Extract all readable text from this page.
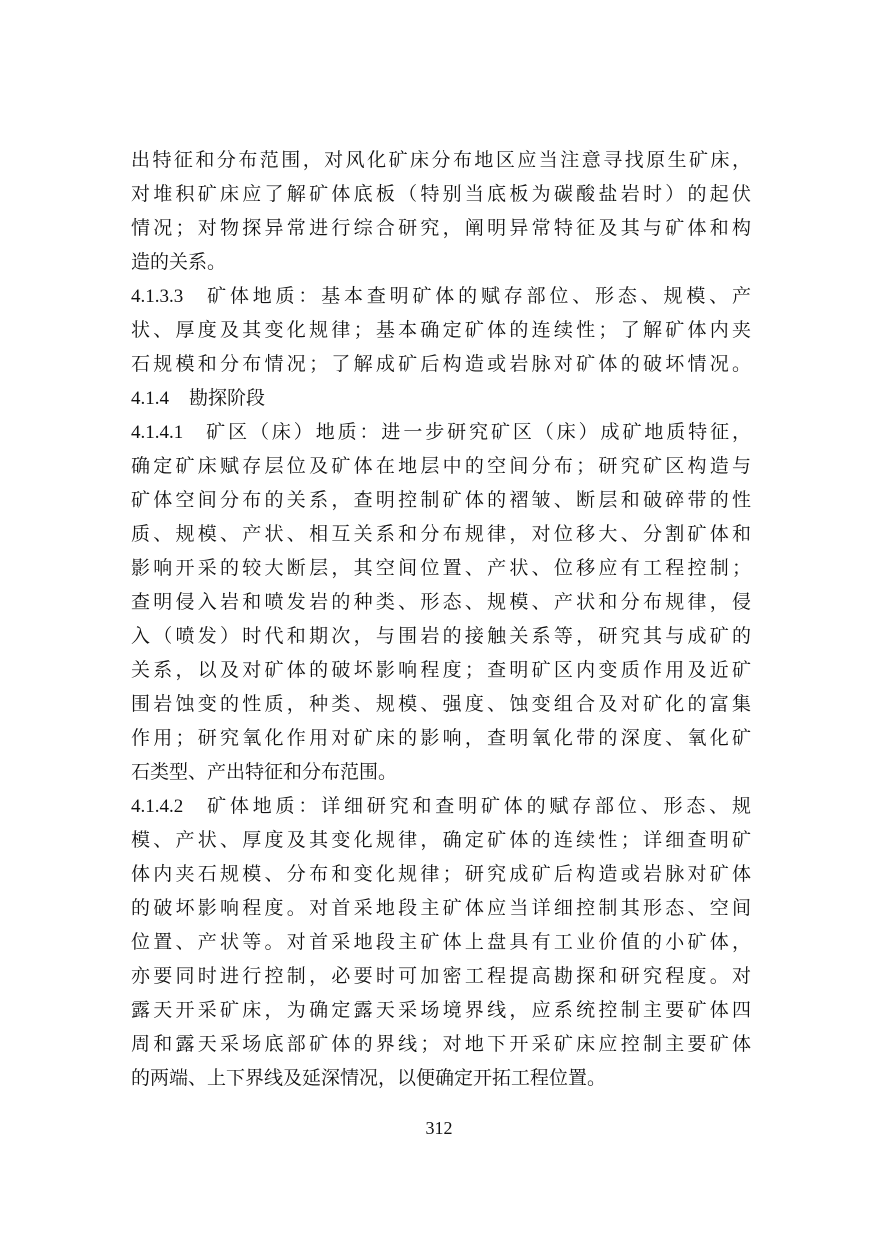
出特征和分布范围，对风化矿床分布地区应当注意寻找原生矿床，
对堆积矿床应了解矿体底板（特别当底板为碳酸盐岩时）的起伏
情况；对物探异常进行综合研究，阐明异常特征及其与矿体和构
造的关系。
4.1.3.3 矿体地质：基本查明矿体的赋存部位、形态、规模、产
状、厚度及其变化规律；基本确定矿体的连续性；了解矿体内夹
石规模和分布情况；了解成矿后构造或岩脉对矿体的破坏情况。
4.1.4 勘探阶段
4.1.4.1 矿区（床）地质：进一步研究矿区（床）成矿地质特征，
确定矿床赋存层位及矿体在地层中的空间分布；研究矿区构造与
矿体空间分布的关系，查明控制矿体的褶皱、断层和破碎带的性
质、规模、产状、相互关系和分布规律，对位移大、分割矿体和
影响开采的较大断层，其空间位置、产状、位移应有工程控制；
查明侵入岩和喷发岩的种类、形态、规模、产状和分布规律，侵
入（喷发）时代和期次，与围岩的接触关系等，研究其与成矿的
关系，以及对矿体的破坏影响程度；查明矿区内变质作用及近矿
围岩蚀变的性质，种类、规模、强度、蚀变组合及对矿化的富集
作用；研究氧化作用对矿床的影响，查明氧化带的深度、氧化矿
石类型、产出特征和分布范围。
4.1.4.2 矿体地质：详细研究和查明矿体的赋存部位、形态、规
模、产状、厚度及其变化规律，确定矿体的连续性；详细查明矿
体内夹石规模、分布和变化规律；研究成矿后构造或岩脉对矿体
的破坏影响程度。对首采地段主矿体应当详细控制其形态、空间
位置、产状等。对首采地段主矿体上盘具有工业价值的小矿体，
亦要同时进行控制，必要时可加密工程提高勘探和研究程度。对
露天开采矿床，为确定露天采场境界线，应系统控制主要矿体四
周和露天采场底部矿体的界线；对地下开采矿床应控制主要矿体
的两端、上下界线及延深情况，以便确定开拓工程位置。
312
